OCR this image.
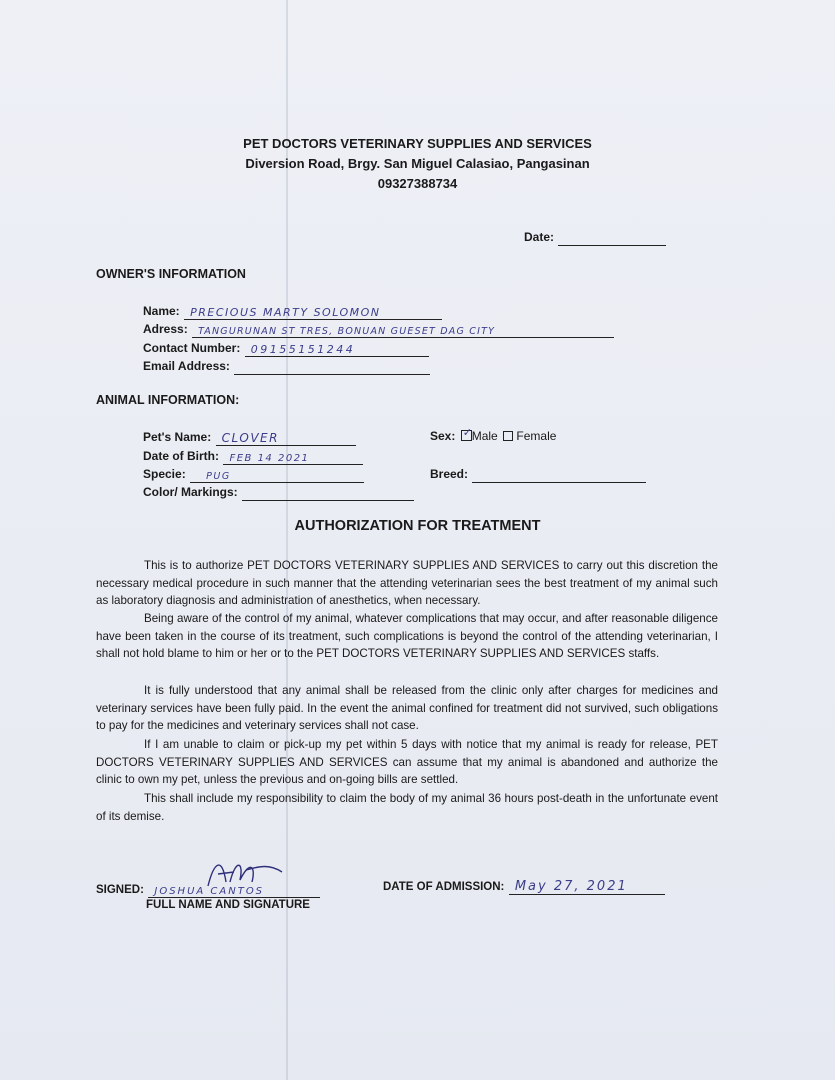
PET DOCTORS VETERINARY SUPPLIES AND SERVICES
Diversion Road, Brgy. San Miguel Calasiao, Pangasinan
09327388734
Date:
OWNER'S INFORMATION
Name: PRECIOUS MARTY SOLOMON
Adress: TANGURUNAN ST TRES, BONUAN GUESET DAG CITY
Contact Number: 09155151244
Email Address:
ANIMAL INFORMATION:
Pet's Name: CLOVER
Date of Birth: FEB 14 2021
Specie: PUG
Color/ Markings:
Sex: ✓ Male Female
Breed:
AUTHORIZATION FOR TREATMENT

This is to authorize PET DOCTORS VETERINARY SUPPLIES AND SERVICES to carry out this discretion the necessary medical procedure in such manner that the attending veterinarian sees the best treatment of my animal such as laboratory diagnosis and administration of anesthetics, when necessary.

Being aware of the control of my animal, whatever complications that may occur, and after reasonable diligence have been taken in the course of its treatment, such complications is beyond the control of the attending veterinarian, I shall not hold blame to him or her or to the PET DOCTORS VETERINARY SUPPLIES AND SERVICES staffs.

It is fully understood that any animal shall be released from the clinic only after charges for medicines and veterinary services have been fully paid. In the event the animal confined for treatment did not survived, such obligations to pay for the medicines and veterinary services shall not case.

If I am unable to claim or pick-up my pet within 5 days with notice that my animal is ready for release, PET DOCTORS VETERINARY SUPPLIES AND SERVICES can assume that my animal is abandoned and authorize the clinic to own my pet, unless the previous and on-going bills are settled.

This shall include my responsibility to claim the body of my animal 36 hours post-death in the unfortunate event of its demise.

SIGNED: JOSHUA CANTOS
FULL NAME AND SIGNATURE
DATE OF ADMISSION: May 27, 2021
